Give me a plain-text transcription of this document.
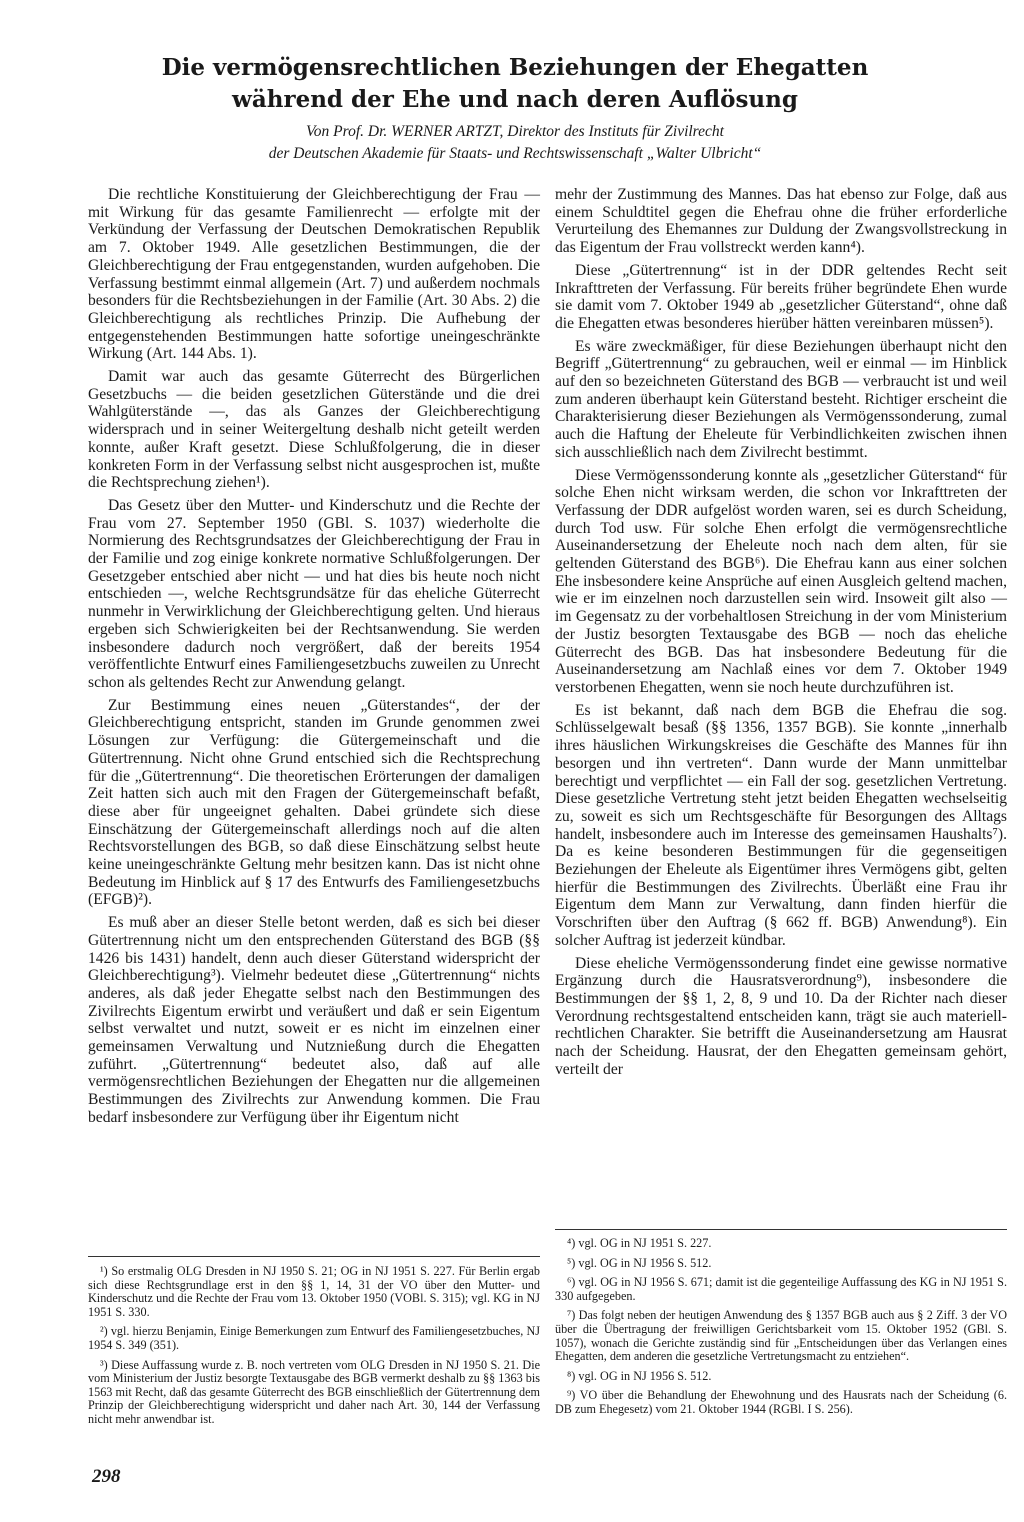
Die vermögensrechtlichen Beziehungen der Ehegatten
während der Ehe und nach deren Auflösung
Von Prof. Dr. WERNER ARTZT, Direktor des Instituts für Zivilrecht
der Deutschen Akademie für Staats- und Rechtswissenschaft „Walter Ulbricht“

Die rechtliche Konstituierung der Gleichberechtigung der Frau — mit Wirkung für das gesamte Familienrecht — erfolgte mit der Verkündung der Verfassung der Deutschen Demokratischen Republik am 7. Oktober 1949. Alle gesetzlichen Bestimmungen, die der Gleichberechtigung der Frau entgegenstanden, wurden aufgehoben. Die Verfassung bestimmt einmal allgemein (Art. 7) und außerdem nochmals besonders für die Rechtsbeziehungen in der Familie (Art. 30 Abs. 2) die Gleichberechtigung als rechtliches Prinzip. Die Aufhebung der entgegenstehenden Bestimmungen hatte sofortige uneingeschränkte Wirkung (Art. 144 Abs. 1).

Damit war auch das gesamte Güterrecht des Bürgerlichen Gesetzbuchs — die beiden gesetzlichen Güterstände und die drei Wahlgüterstände —, das als Ganzes der Gleichberechtigung widersprach und in seiner Weitergeltung deshalb nicht geteilt werden konnte, außer Kraft gesetzt. Diese Schlußfolgerung, die in dieser konkreten Form in der Verfassung selbst nicht ausgesprochen ist, mußte die Rechtsprechung ziehen¹).

Das Gesetz über den Mutter- und Kinderschutz und die Rechte der Frau vom 27. September 1950 (GBl. S. 1037) wiederholte die Normierung des Rechtsgrundsatzes der Gleichberechtigung der Frau in der Familie und zog einige konkrete normative Schlußfolgerungen. Der Gesetzgeber entschied aber nicht — und hat dies bis heute noch nicht entschieden —, welche Rechtsgrundsätze für das eheliche Güterrecht nunmehr in Verwirklichung der Gleichberechtigung gelten. Und hieraus ergeben sich Schwierigkeiten bei der Rechtsanwendung. Sie werden insbesondere dadurch noch vergrößert, daß der bereits 1954 veröffentlichte Entwurf eines Familiengesetzbuchs zuweilen zu Unrecht schon als geltendes Recht zur Anwendung gelangt.

Zur Bestimmung eines neuen „Güterstandes“, der der Gleichberechtigung entspricht, standen im Grunde genommen zwei Lösungen zur Verfügung: die Gütergemeinschaft und die Gütertrennung. Nicht ohne Grund entschied sich die Rechtsprechung für die „Gütertrennung“. Die theoretischen Erörterungen der damaligen Zeit hatten sich auch mit den Fragen der Gütergemeinschaft befaßt, diese aber für ungeeignet gehalten. Dabei gründete sich diese Einschätzung der Gütergemeinschaft allerdings noch auf die alten Rechtsvorstellungen des BGB, so daß diese Einschätzung selbst heute keine uneingeschränkte Geltung mehr besitzen kann. Das ist nicht ohne Bedeutung im Hinblick auf § 17 des Entwurfs des Familiengesetzbuchs (EFGB)²).

Es muß aber an dieser Stelle betont werden, daß es sich bei dieser Gütertrennung nicht um den entsprechenden Güterstand des BGB (§§ 1426 bis 1431) handelt, denn auch dieser Güterstand widerspricht der Gleichberechtigung³). Vielmehr bedeutet diese „Gütertrennung“ nichts anderes, als daß jeder Ehegatte selbst nach den Bestimmungen des Zivilrechts Eigentum erwirbt und veräußert und daß er sein Eigentum selbst verwaltet und nutzt, soweit er es nicht im einzelnen einer gemeinsamen Verwaltung und Nutznießung durch die Ehegatten zuführt. „Gütertrennung“ bedeutet also, daß auf alle vermögensrechtlichen Beziehungen der Ehegatten nur die allgemeinen Bestimmungen des Zivilrechts zur Anwendung kommen. Die Frau bedarf insbesondere zur Verfügung über ihr Eigentum nicht

mehr der Zustimmung des Mannes. Das hat ebenso zur Folge, daß aus einem Schuldtitel gegen die Ehefrau ohne die früher erforderliche Verurteilung des Ehemannes zur Duldung der Zwangsvollstreckung in das Eigentum der Frau vollstreckt werden kann⁴).

Diese „Gütertrennung“ ist in der DDR geltendes Recht seit Inkrafttreten der Verfassung. Für bereits früher begründete Ehen wurde sie damit vom 7. Oktober 1949 ab „gesetzlicher Güterstand“, ohne daß die Ehegatten etwas besonderes hierüber hätten vereinbaren müssen⁵).

Es wäre zweckmäßiger, für diese Beziehungen überhaupt nicht den Begriff „Gütertrennung“ zu gebrauchen, weil er einmal — im Hinblick auf den so bezeichneten Güterstand des BGB — verbraucht ist und weil zum anderen überhaupt kein Güterstand besteht. Richtiger erscheint die Charakterisierung dieser Beziehungen als Vermögenssonderung, zumal auch die Haftung der Eheleute für Verbindlichkeiten zwischen ihnen sich ausschließlich nach dem Zivilrecht bestimmt.

Diese Vermögenssonderung konnte als „gesetzlicher Güterstand“ für solche Ehen nicht wirksam werden, die schon vor Inkrafttreten der Verfassung der DDR aufgelöst worden waren, sei es durch Scheidung, durch Tod usw. Für solche Ehen erfolgt die vermögensrechtliche Auseinandersetzung der Eheleute noch nach dem alten, für sie geltenden Güterstand des BGB⁶). Die Ehefrau kann aus einer solchen Ehe insbesondere keine Ansprüche auf einen Ausgleich geltend machen, wie er im einzelnen noch darzustellen sein wird. Insoweit gilt also — im Gegensatz zu der vorbehaltlosen Streichung in der vom Ministerium der Justiz besorgten Textausgabe des BGB — noch das eheliche Güterrecht des BGB. Das hat insbesondere Bedeutung für die Auseinandersetzung am Nachlaß eines vor dem 7. Oktober 1949 verstorbenen Ehegatten, wenn sie noch heute durchzuführen ist.

Es ist bekannt, daß nach dem BGB die Ehefrau die sog. Schlüsselgewalt besaß (§§ 1356, 1357 BGB). Sie konnte „innerhalb ihres häuslichen Wirkungskreises die Geschäfte des Mannes für ihn besorgen und ihn vertreten“. Dann wurde der Mann unmittelbar berechtigt und verpflichtet — ein Fall der sog. gesetzlichen Vertretung. Diese gesetzliche Vertretung steht jetzt beiden Ehegatten wechselseitig zu, soweit es sich um Rechtsgeschäfte für Besorgungen des Alltags handelt, insbesondere auch im Interesse des gemeinsamen Haushalts⁷). Da es keine besonderen Bestimmungen für die gegenseitigen Beziehungen der Eheleute als Eigentümer ihres Vermögens gibt, gelten hierfür die Bestimmungen des Zivilrechts. Überläßt eine Frau ihr Eigentum dem Mann zur Verwaltung, dann finden hierfür die Vorschriften über den Auftrag (§ 662 ff. BGB) Anwendung⁸). Ein solcher Auftrag ist jederzeit kündbar.

Diese eheliche Vermögenssonderung findet eine gewisse normative Ergänzung durch die Hausratsverordnung⁹), insbesondere die Bestimmungen der §§ 1, 2, 8, 9 und 10. Da der Richter nach dieser Verordnung rechtsgestaltend entscheiden kann, trägt sie auch materiell-rechtlichen Charakter. Sie betrifft die Auseinandersetzung am Hausrat nach der Scheidung. Hausrat, der den Ehegatten gemeinsam gehört, verteilt der

¹) So erstmalig OLG Dresden in NJ 1950 S. 21; OG in NJ 1951 S. 227. Für Berlin ergab sich diese Rechtsgrundlage erst in den §§ 1, 14, 31 der VO über den Mutter- und Kinderschutz und die Rechte der Frau vom 13. Oktober 1950 (VOBl. S. 315); vgl. KG in NJ 1951 S. 330.

²) vgl. hierzu Benjamin, Einige Bemerkungen zum Entwurf des Familiengesetzbuches, NJ 1954 S. 349 (351).

³) Diese Auffassung wurde z. B. noch vertreten vom OLG Dresden in NJ 1950 S. 21. Die vom Ministerium der Justiz besorgte Textausgabe des BGB vermerkt deshalb zu §§ 1363 bis 1563 mit Recht, daß das gesamte Güterrecht des BGB einschließlich der Gütertrennung dem Prinzip der Gleichberechtigung widerspricht und daher nach Art. 30, 144 der Verfassung nicht mehr anwendbar ist.

⁴) vgl. OG in NJ 1951 S. 227.

⁵) vgl. OG in NJ 1956 S. 512.

⁶) vgl. OG in NJ 1956 S. 671; damit ist die gegenteilige Auffassung des KG in NJ 1951 S. 330 aufgegeben.

⁷) Das folgt neben der heutigen Anwendung des § 1357 BGB auch aus § 2 Ziff. 3 der VO über die Übertragung der freiwilligen Gerichtsbarkeit vom 15. Oktober 1952 (GBl. S. 1057), wonach die Gerichte zuständig sind für „Entscheidungen über das Verlangen eines Ehegatten, dem anderen die gesetzliche Vertretungsmacht zu entziehen“.

⁸) vgl. OG in NJ 1956 S. 512.

⁹) VO über die Behandlung der Ehewohnung und des Hausrats nach der Scheidung (6. DB zum Ehegesetz) vom 21. Oktober 1944 (RGBl. I S. 256).

298
